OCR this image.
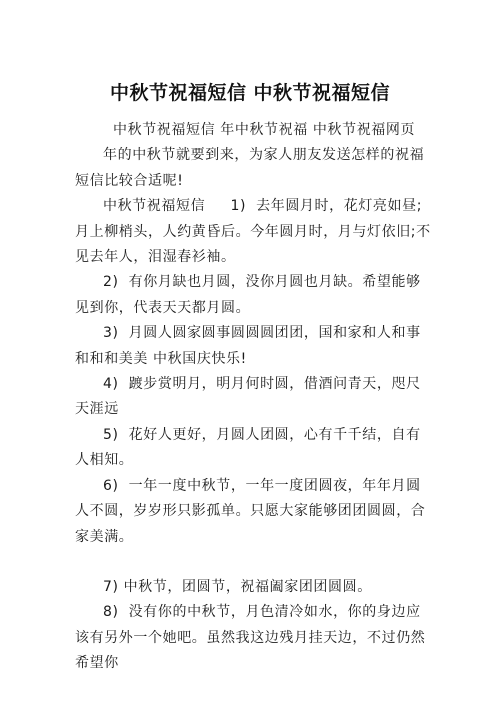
中秋节祝福短信 中秋节祝福短信

中秋节祝福短信 年中秋节祝福 中秋节祝福网页

年的中秋节就要到来，为家人朋友发送怎样的祝福短信比较合适呢!

中秋节祝福短信     1)  去年圆月时，花灯亮如昼;月上柳梢头，人约黄昏后。今年圆月时，月与灯依旧;不见去年人，泪湿春衫袖。

2)  有你月缺也月圆，没你月圆也月缺。希望能够见到你，代表天天都月圆。

3)  月圆人圆家圆事圆圆圆团团，国和家和人和事和和和美美 中秋国庆快乐!

4)  踱步赏明月，明月何时圆，借酒问青天，咫尺天涯远

5)  花好人更好，月圆人团圆，心有千千结，自有人相知。

6)  一年一度中秋节，一年一度团圆夜，年年月圆人不圆，岁岁形只影孤单。只愿大家能够团团圆圆，合家美满。

7) 中秋节，团圆节，祝福阖家团团圆圆。

8)  没有你的中秋节，月色清冷如水，你的身边应该有另外一个她吧。虽然我这边残月挂天边，不过仍然希望你
